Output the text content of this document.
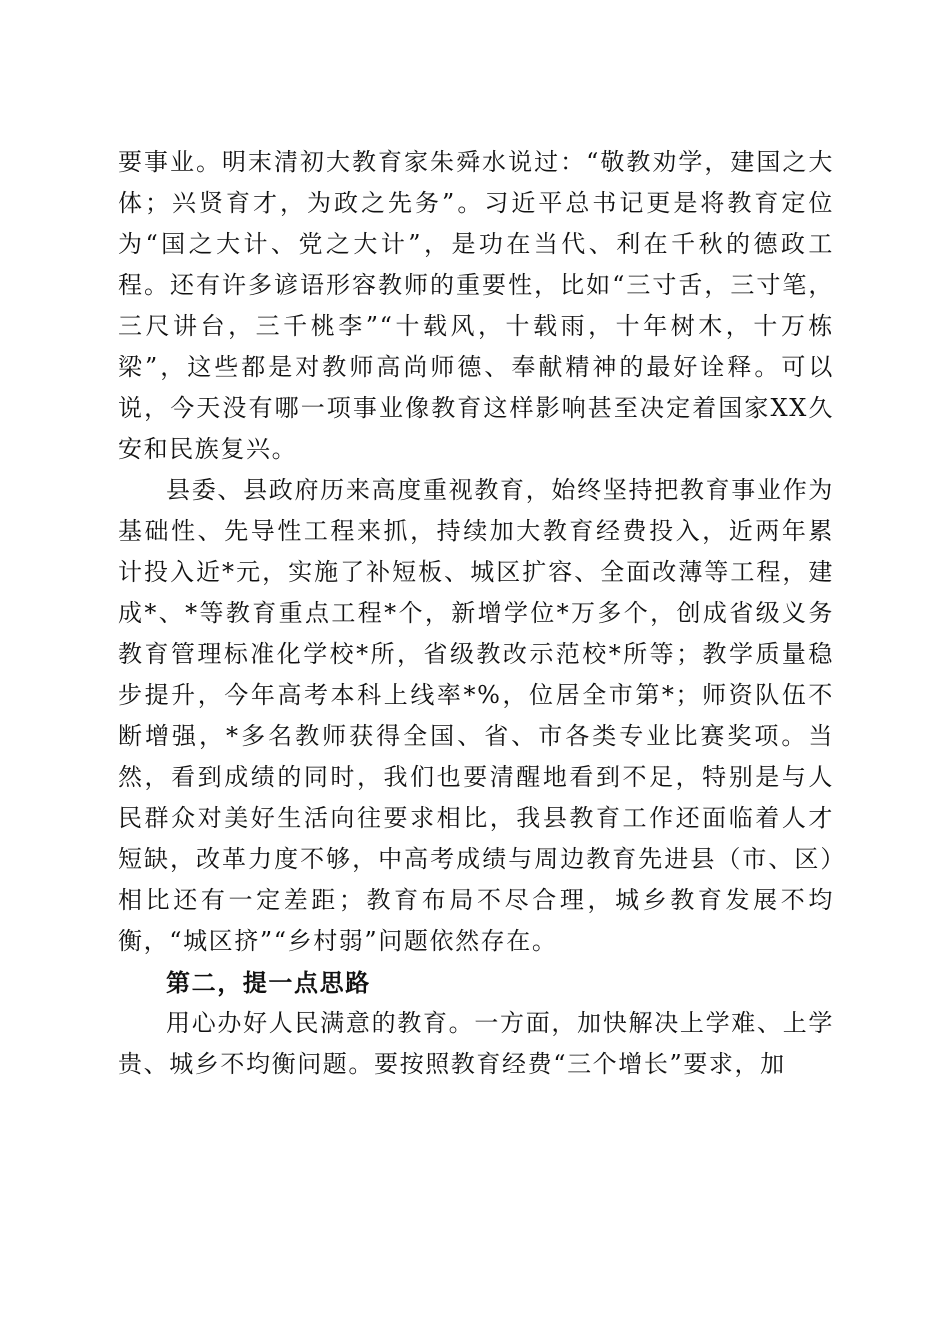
要事业。明末清初大教育家朱舜水说过：“敬教劝学，建国之大体；兴贤育才，为政之先务”。习近平总书记更是将教育定位为“国之大计、党之大计”，是功在当代、利在千秋的德政工程。还有许多谚语形容教师的重要性，比如“三寸舌，三寸笔，三尺讲台，三千桃李”“十载风，十载雨，十年树木，十万栋梁”，这些都是对教师高尚师德、奉献精神的最好诠释。可以说，今天没有哪一项事业像教育这样影响甚至决定着国家XX久安和民族复兴。

县委、县政府历来高度重视教育，始终坚持把教育事业作为基础性、先导性工程来抓，持续加大教育经费投入，近两年累计投入近*元，实施了补短板、城区扩容、全面改薄等工程，建成*、*等教育重点工程*个，新增学位*万多个，创成省级义务教育管理标准化学校*所，省级教改示范校*所等；教学质量稳步提升，今年高考本科上线率*%，位居全市第*；师资队伍不断增强，*多名教师获得全国、省、市各类专业比赛奖项。当然，看到成绩的同时，我们也要清醒地看到不足，特别是与人民群众对美好生活向往要求相比，我县教育工作还面临着人才短缺，改革力度不够，中高考成绩与周边教育先进县（市、区）相比还有一定差距；教育布局不尽合理，城乡教育发展不均衡，“城区挤”“乡村弱”问题依然存在。

第二，提一点思路

用心办好人民满意的教育。一方面，加快解决上学难、上学贵、城乡不均衡问题。要按照教育经费“三个增长”要求，加
